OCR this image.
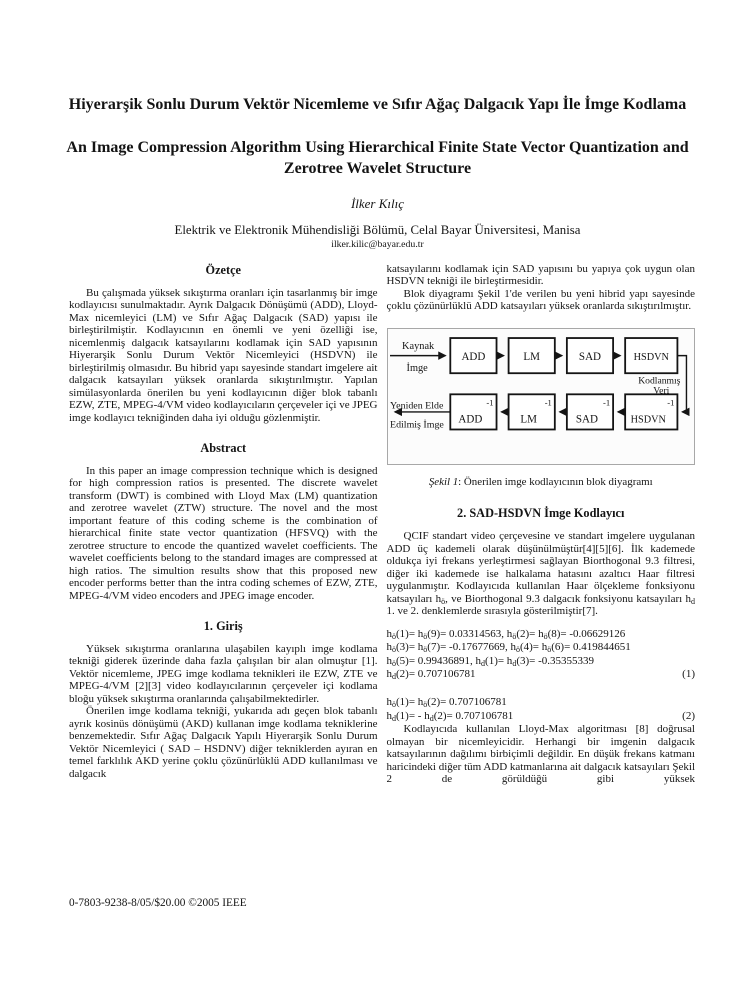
Hiyerarşik Sonlu Durum Vektör Nicemleme ve Sıfır Ağaç Dalgacık Yapı İle İmge Kodlama
An Image Compression Algorithm Using Hierarchical Finite State Vector Quantization and Zerotree Wavelet Structure
İlker Kılıç
Elektrik ve Elektronik Mühendisliği Bölümü, Celal Bayar Üniversitesi, Manisa
ilker.kilic@bayar.edu.tr
Özetçe

Bu çalışmada yüksek sıkıştırma oranları için tasarlanmış bir imge kodlayıcısı sunulmaktadır. Ayrık Dalgacık Dönüşümü (ADD), Lloyd-Max nicemleyici (LM) ve Sıfır Ağaç Dalgacık (SAD) yapısı ile birleştirilmiştir. Kodlayıcının en önemli ve yeni özelliği ise, nicemlenmiş dalgacık katsayılarını kodlamak için SAD yapısının Hiyerarşik Sonlu Durum Vektör Nicemleyici (HSDVN) ile birleştirilmiş olmasıdır. Bu hibrid yapı sayesinde standart imgelere ait dalgacık katsayıları yüksek oranlarda sıkıştırılmıştır. Yapılan simülasyonlarda önerilen bu yeni kodlayıcının diğer blok tabanlı EZW, ZTE, MPEG-4/VM video kodlayıcıların çerçeveler içi ve JPEG imge kodlayıcı tekniğinden daha iyi olduğu gözlenmiştir.

Abstract

In this paper an image compression technique which is designed for high compression ratios is presented. The discrete wavelet transform (DWT) is combined with Lloyd Max (LM) quantization and zerotree wavelet (ZTW) structure. The novel and the most important feature of this coding scheme is the combination of hierarchical finite state vector quantization (HFSVQ) with the zerotree structure to encode the quantized wavelet coefficients. The wavelet coefficients belong to the standard images are compressed at high ratios. The simultion results show that this proposed new encoder performs better than the intra coding schemes of EZW, ZTE, MPEG-4/VM video encoders and JPEG image encoder.

1. Giriş

Yüksek sıkıştırma oranlarına ulaşabilen kayıplı imge kodlama tekniği giderek üzerinde daha fazla çalışılan bir alan olmuştur [1]. Vektör nicemleme, JPEG imge kodlama teknikleri ile EZW, ZTE ve MPEG-4/VM [2][3] video kodlayıcılarının çerçeveler içi kodlama bloğu yüksek sıkıştırma oranlarında çalışabilmektedirler.

Önerilen imge kodlama tekniği, yukarıda adı geçen blok tabanlı ayrık kosinüs dönüşümü (AKD) kullanan imge kodlama tekniklerine benzemektedir. Sıfır Ağaç Dalgacık Yapılı Hiyerarşik Sonlu Durum Vektör Nicemleyici ( SAD – HSDNV) diğer tekniklerden ayıran en temel farklılık AKD yerine çoklu çözünürlüklü ADD kullanılması ve dalgacık

katsayılarını kodlamak için SAD yapısını bu yapıya çok uygun olan HSDVN tekniği ile birleştirmesidir.

Blok diyagramı Şekil 1'de verilen bu yeni hibrid yapı sayesinde çoklu çözünürlüklü ADD katsayıları yüksek oranlarda sıkıştırılmıştır.

ADD	LM	SAD	HSDVN
ADD	LM	SAD	HSDVN
-1	-1	-1	-1
Kaynak
İmge
Kodlanmış
Veri
Yeniden Elde
Edilmiş İmge
Şekil 1: Önerilen imge kodlayıcının blok diyagramı
2. SAD-HSDVN İmge Kodlayıcı

QCIF standart video çerçevesine ve standart imgelere uygulanan ADD üç kademeli olarak düşünülmüştür[4][5][6]. İlk kademede oldukça iyi frekans yerleştirmesi sağlayan Biorthogonal 9.3 filtresi, diğer iki kademede ise halkalama hatasını azaltıcı Haar filtresi uygulanmıştır. Kodlayıcıda kullanılan Haar ölçekleme fonksiyonu katsayıları $h_ö$, ve Biorthogonal 9.3 dalgacık fonksiyonu katsayıları $h_d$ 1. ve 2. denklemlerde sırasıyla gösterilmiştir[7].

$h_ö(1)= h_ö(9)= 0.03314563$, $h_ö(2)= h_ö(8)= -0.06629126$
$h_ö(3)= h_ö(7)= -0.17677669$, $h_ö(4)= h_ö(6)= 0.419844651$
$h_ö(5)= 0.99436891$, $h_d(1)= h_d(3)= -0.35355339$
$h_d(2)= 0.707106781$	(1)
$h_ö(1)= h_ö(2)= 0.707106781$
$h_d(1)= - h_d(2)= 0.707106781$	(2)

Kodlayıcıda kullanılan Lloyd-Max algoritması [8] doğrusal olmayan bir nicemleyicidir. Herhangi bir imgenin dalgacık katsayılarının dağılımı birbiçimli değildir. En düşük frekans katmanı haricindeki diğer tüm ADD katmanlarına ait dalgacık katsayıları Şekil 2 de görüldüğü gibi yüksek

0-7803-9238-8/05/$20.00 ©2005 IEEE
